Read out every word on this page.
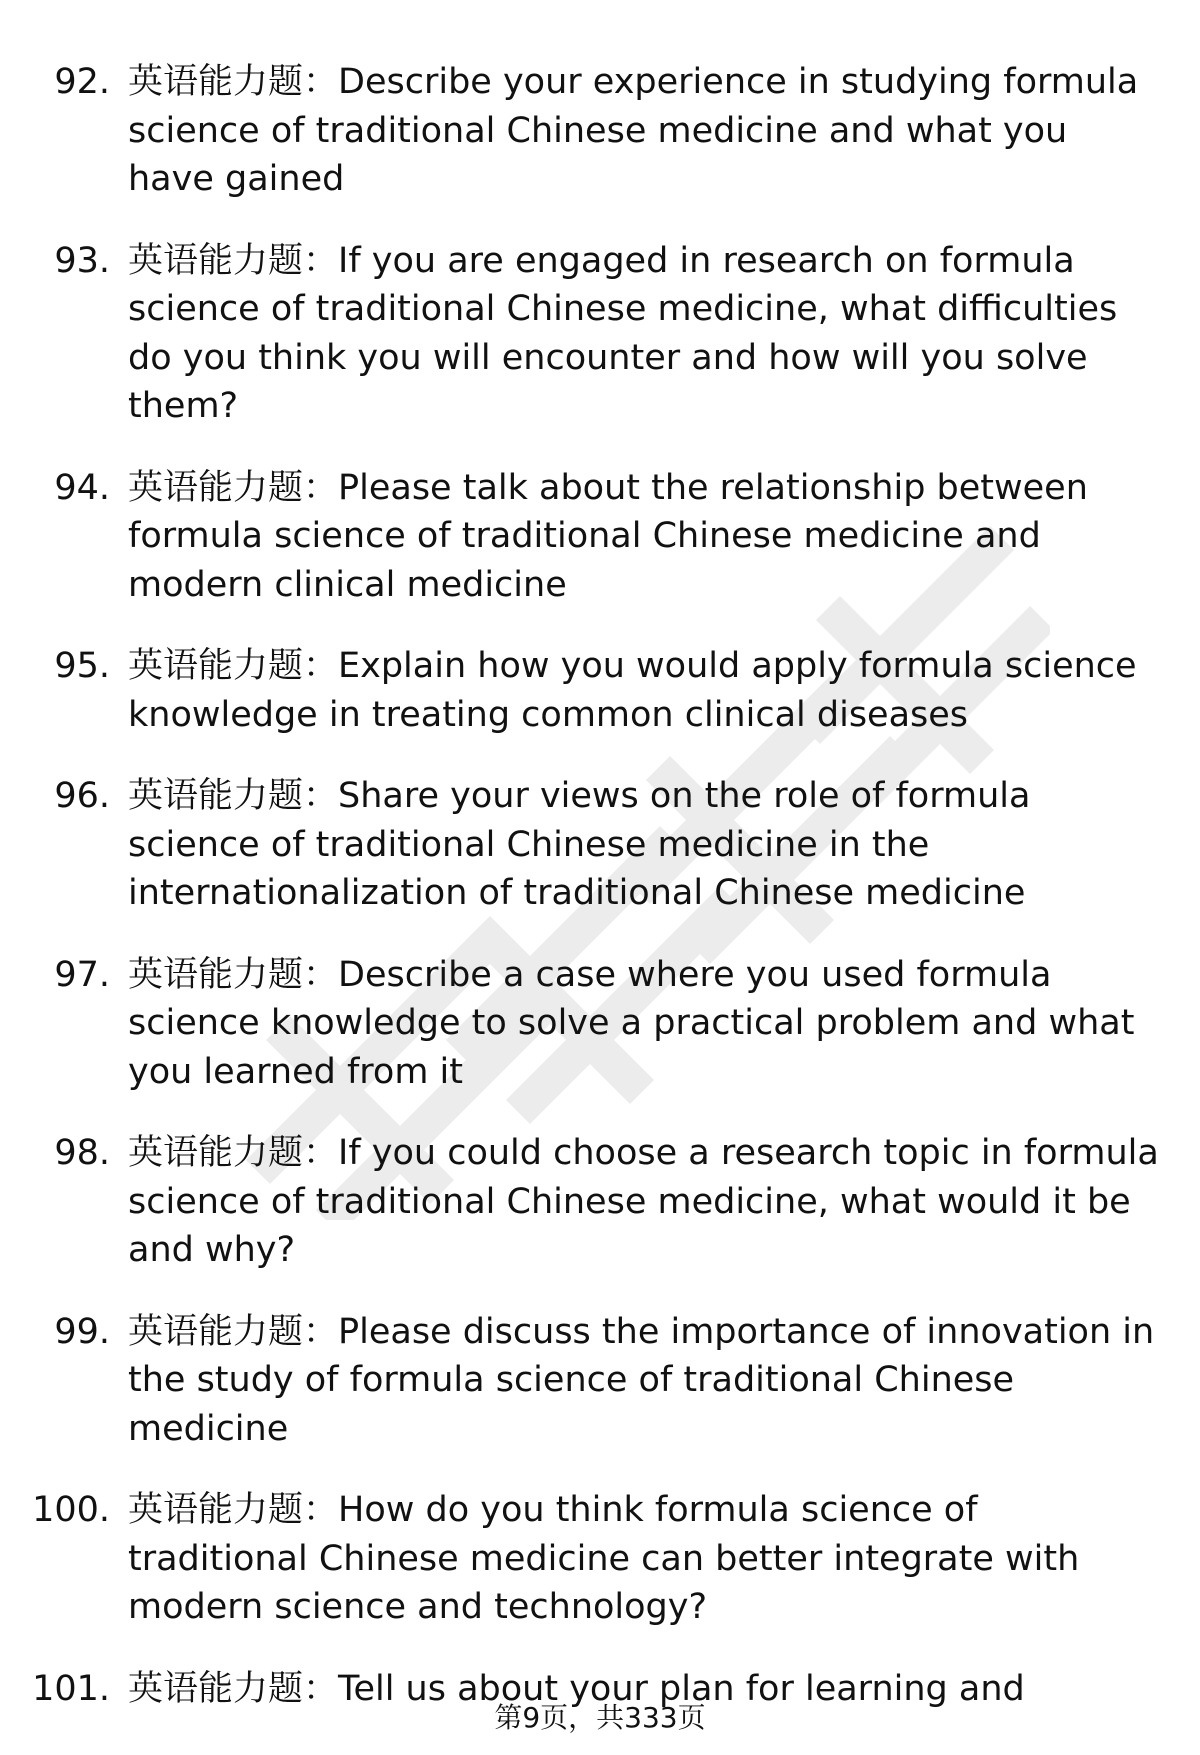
92. 英语能力题：Describe your experience in studying formula science of traditional Chinese medicine and what you have gained
93. 英语能力题：If you are engaged in research on formula science of traditional Chinese medicine, what difficulties do you think you will encounter and how will you solve them?
94. 英语能力题：Please talk about the relationship between formula science of traditional Chinese medicine and modern clinical medicine
95. 英语能力题：Explain how you would apply formula science knowledge in treating common clinical diseases
96. 英语能力题：Share your views on the role of formula science of traditional Chinese medicine in the internationalization of traditional Chinese medicine
97. 英语能力题：Describe a case where you used formula science knowledge to solve a practical problem and what you learned from it
98. 英语能力题：If you could choose a research topic in formula science of traditional Chinese medicine, what would it be and why?
99. 英语能力题：Please discuss the importance of innovation in the study of formula science of traditional Chinese medicine
100. 英语能力题：How do you think formula science of traditional Chinese medicine can better integrate with modern science and technology?
101. 英语能力题：Tell us about your plan for learning and
第9页，共333页
